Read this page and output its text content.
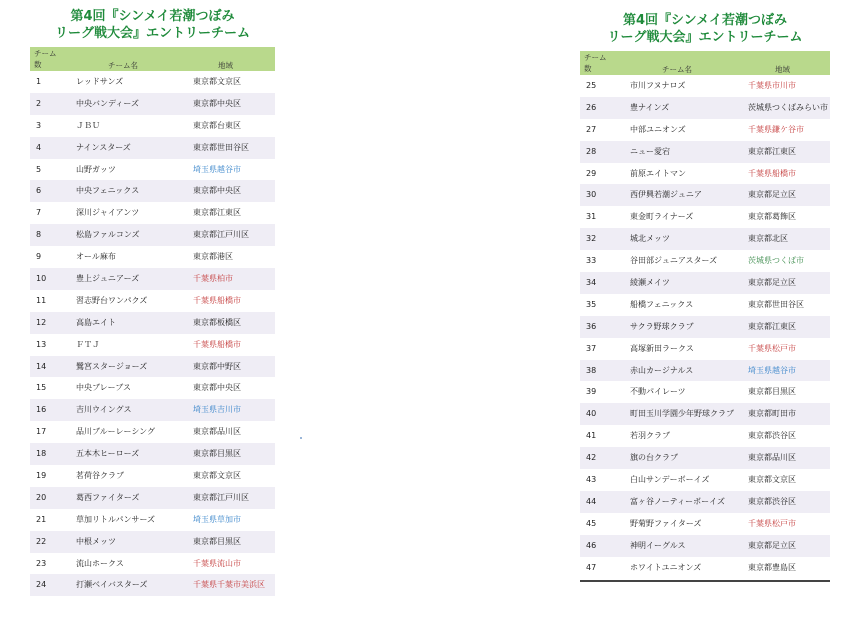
第4回『シンメイ若潮つぼみ
リーグ戦大会』エントリーチーム
チーム
数	チーム名	地域
1	レッドサンズ	東京都文京区
2	中央バンディーズ	東京都中央区
3	ＪＢＵ	東京都台東区
4	ナインスターズ	東京都世田谷区
5	山野ガッツ	埼玉県越谷市
6	中央フェニックス	東京都中央区
7	深川ジャイアンツ	東京都江東区
8	松島ファルコンズ	東京都江戸川区
9	オール麻布	東京都港区
10	豊上ジュニアーズ	千葉県柏市
11	習志野台ワンパクズ	千葉県船橋市
12	高島エイト	東京都板橋区
13	ＦＴＪ	千葉県船橋市
14	鷺宮スタージョーズ	東京都中野区
15	中央ブレーブス	東京都中央区
16	吉川ウイングス	埼玉県吉川市
17	品川ブルーレーシング	東京都品川区
18	五本木ヒーローズ	東京都目黒区
19	茗荷谷クラブ	東京都文京区
20	葛西ファイターズ	東京都江戸川区
21	草加リトルパンサーズ	埼玉県草加市
22	中根メッツ	東京都目黒区
23	流山ホークス	千葉県流山市
24	打瀬ベイバスターズ	千葉県千葉市美浜区
第4回『シンメイ若潮つぼみ
リーグ戦大会』エントリーチーム
チーム
数	チーム名	地域
25	市川フヌナロズ	千葉県市川市
26	豊ナインズ	茨城県つくばみらい市
27	中部ユニオンズ	千葉県鎌ケ谷市
28	ニュー愛宕	東京都江東区
29	前原エイトマン	千葉県船橋市
30	西伊興若潮ジュニア	東京都足立区
31	東金町ライナーズ	東京都葛飾区
32	城北メッツ	東京都北区
33	谷田部ジュニアスターズ	茨城県つくば市
34	綾瀬メイツ	東京都足立区
35	船橋フェニックス	東京都世田谷区
36	サクラ野球クラブ	東京都江東区
37	高塚新田ラークス	千葉県松戸市
38	赤山カージナルス	埼玉県越谷市
39	不動パイレーツ	東京都目黒区
40	町田玉川学園少年野球クラブ 東京都町田市
41	若羽クラブ	東京都渋谷区
42	旗の台クラブ	東京都品川区
43	白山サンデーボーイズ	東京都文京区
44	富ヶ谷ノーティーボーイズ	東京都渋谷区
45	野菊野ファイターズ	千葉県松戸市
46	神明イーグルス	東京都足立区
47	ホワイトユニオンズ	東京都豊島区
